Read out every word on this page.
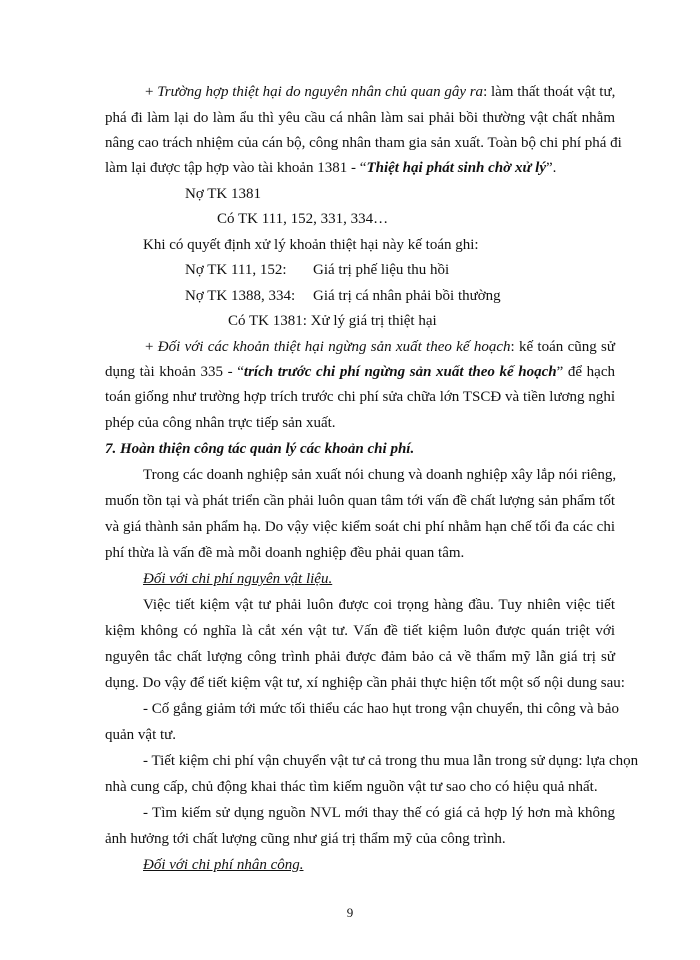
+ Trường hợp thiệt hại do nguyên nhân chủ quan gây ra: làm thất thoát vật tư,
phá đi làm lại do làm ẩu thì yêu cầu cá nhân làm sai phải bồi thường vật chất nhằm
nâng cao trách nhiệm của cán bộ, công nhân tham gia sản xuất. Toàn bộ chi phí phá đi
làm lại được tập hợp vào tài khoản 1381 - “Thiệt hại phát sinh chờ xử lý”.
Nợ TK 1381
Có TK 111, 152, 331, 334…
Khi có quyết định xử lý khoản thiệt hại này kế toán ghi:
Nợ TK 111, 152: Giá trị phế liệu thu hồi
Nợ TK 1388, 334: Giá trị cá nhân phải bồi thường
Có TK 1381: Xử lý giá trị thiệt hại
+ Đối với các khoản thiệt hại ngừng sản xuất theo kế hoạch: kế toán cũng sử
dụng tài khoản 335 - “trích trước chi phí ngừng sản xuất theo kế hoạch” để hạch
toán giống như trường hợp trích trước chi phí sửa chữa lớn TSCĐ và tiền lương nghỉ
phép của công nhân trực tiếp sản xuất.
7. Hoàn thiện công tác quản lý các khoản chi phí.
Trong các doanh nghiệp sản xuất nói chung và doanh nghiệp xây lắp nói riêng,
muốn tồn tại và phát triển cần phải luôn quan tâm tới vấn đề chất lượng sản phẩm tốt
và giá thành sản phẩm hạ. Do vậy việc kiểm soát chi phí nhằm hạn chế tối đa các chi
phí thừa là vấn đề mà mỗi doanh nghiệp đều phải quan tâm.
Đối với chi phí nguyên vật liệu.
Việc tiết kiệm vật tư phải luôn được coi trọng hàng đầu. Tuy nhiên việc tiết
kiệm không có nghĩa là cắt xén vật tư. Vấn đề tiết kiệm luôn được quán triệt với
nguyên tắc chất lượng công trình phải được đảm bảo cả về thẩm mỹ lẫn giá trị sử
dụng. Do vậy để tiết kiệm vật tư, xí nghiệp cần phải thực hiện tốt một số nội dung sau:
- Cố gắng giảm tới mức tối thiểu các hao hụt trong vận chuyển, thi công và bảo
quản vật tư.
- Tiết kiệm chi phí vận chuyển vật tư cả trong thu mua lẫn trong sử dụng: lựa chọn
nhà cung cấp, chủ động khai thác tìm kiếm nguồn vật tư sao cho có hiệu quả nhất.
- Tìm kiếm sử dụng nguồn NVL mới thay thế có giá cả hợp lý hơn mà không
ảnh hưởng tới chất lượng cũng như giá trị thẩm mỹ của công trình.
Đối với chi phí nhân công.
9
